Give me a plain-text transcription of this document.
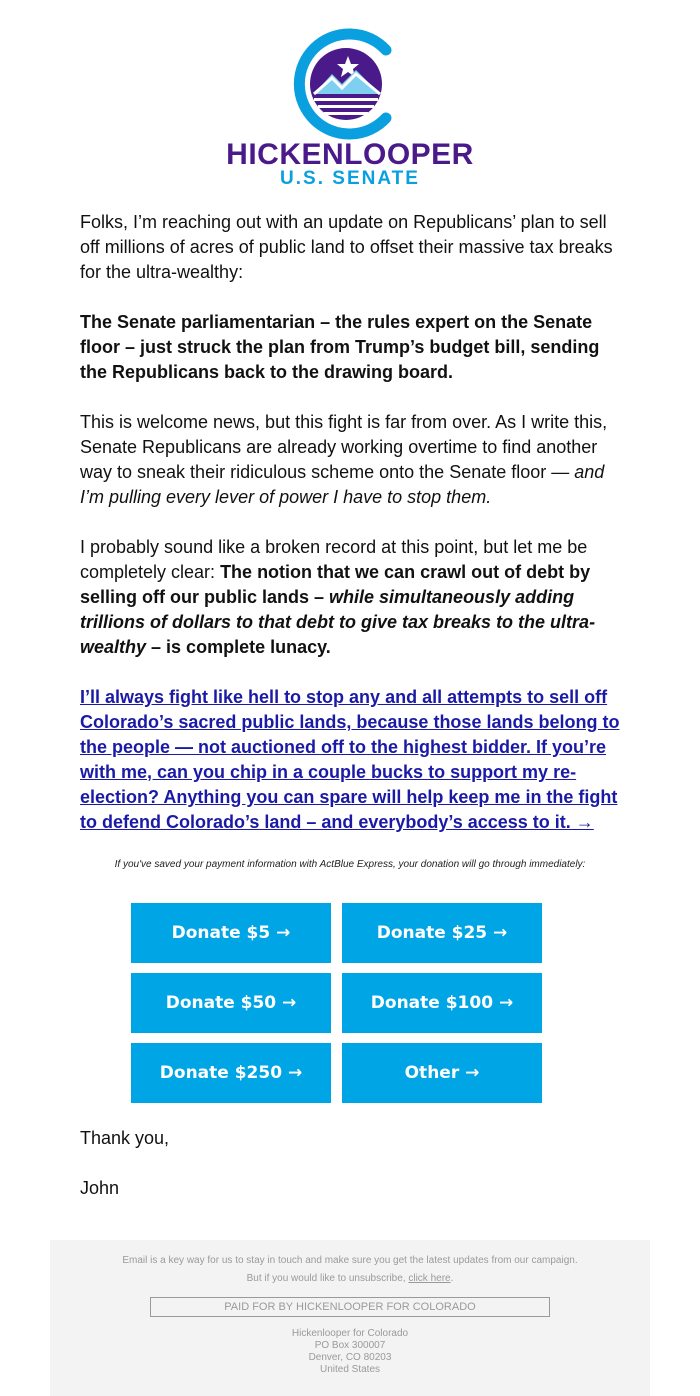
HICKENLOOPER

U.S. SENATE

Folks, I’m reaching out with an update on Republicans’ plan to sell off millions of acres of public land to offset their massive tax breaks for the ultra-wealthy:

The Senate parliamentarian – the rules expert on the Senate floor – just struck the plan from Trump’s budget bill, sending the Republicans back to the drawing board.

This is welcome news, but this fight is far from over. As I write this, Senate Republicans are already working overtime to find another way to sneak their ridiculous scheme onto the Senate floor — and I’m pulling every lever of power I have to stop them.

I probably sound like a broken record at this point, but let me be completely clear: The notion that we can crawl out of debt by selling off our public lands – while simultaneously adding trillions of dollars to that debt to give tax breaks to the ultra-wealthy – is complete lunacy.

I’ll always fight like hell to stop any and all attempts to sell off Colorado’s sacred public lands, because those lands belong to the people — not auctioned off to the highest bidder. If you’re with me, can you chip in a couple bucks to support my re-election? Anything you can spare will help keep me in the fight to defend Colorado’s land – and everybody’s access to it. →

If you've saved your payment information with ActBlue Express, your donation will go through immediately:

Donate $5 →	Donate $25 →
Donate $50 →	Donate $100 →
Donate $250 →	Other →

Thank you,

John

Email is a key way for us to stay in touch and make sure you get the latest updates from our campaign.

But if you would like to unsubscribe, click here.

PAID FOR BY HICKENLOOPER FOR COLORADO

Hickenlooper for Colorado

PO Box 300007

Denver, CO 80203

United States
